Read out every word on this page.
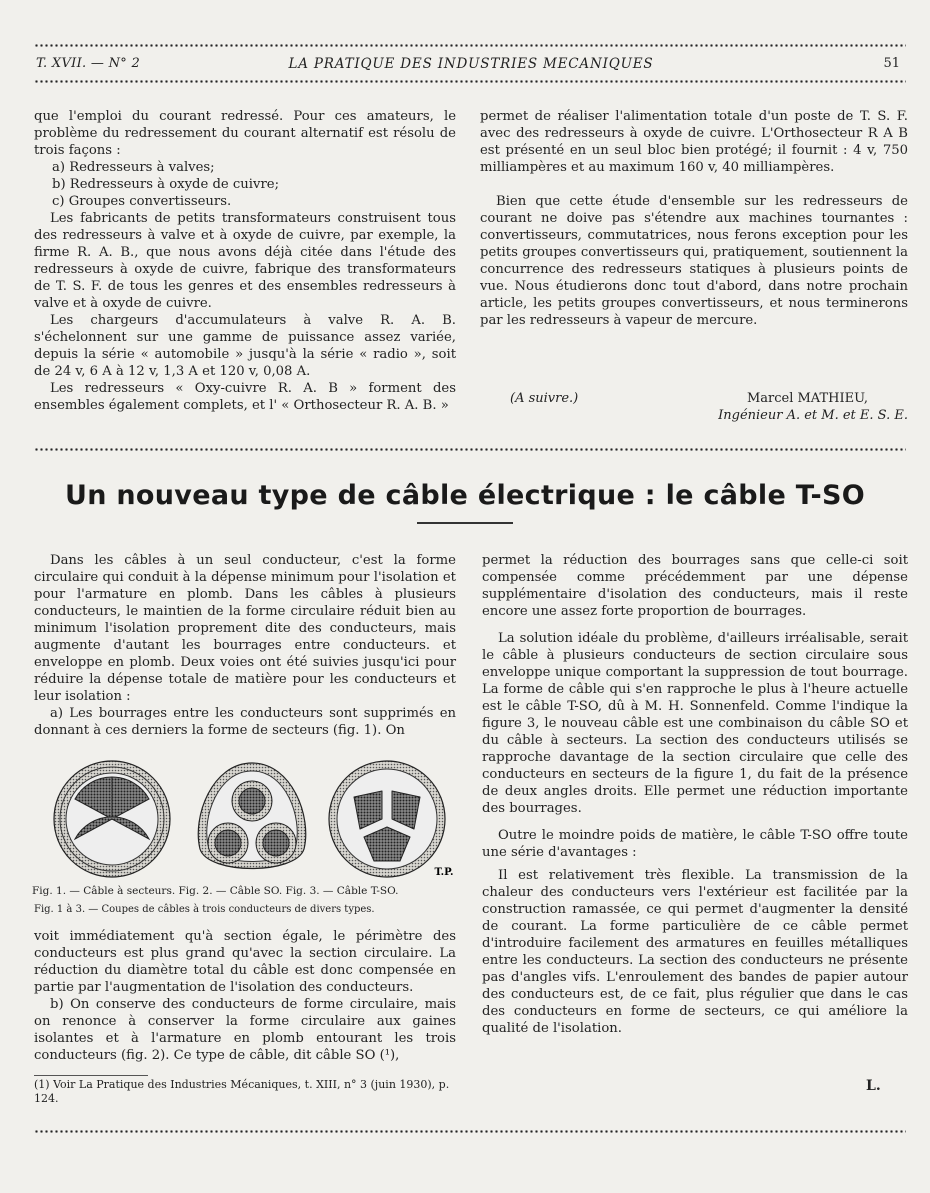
T. XVII. — N° 2	LA PRATIQUE DES INDUSTRIES MECANIQUES	51

que l'emploi du courant redressé. Pour ces amateurs, le problème du redressement du courant alternatif est résolu de trois façons :

a) Redresseurs à valves;

b) Redresseurs à oxyde de cuivre;

c) Groupes convertisseurs.

Les fabricants de petits transformateurs construisent tous des redresseurs à valve et à oxyde de cuivre, par exemple, la firme R. A. B., que nous avons déjà citée dans l'étude des redresseurs à oxyde de cuivre, fabrique des transformateurs de T. S. F. de tous les genres et des ensembles redresseurs à valve et à oxyde de cuivre.

Les chargeurs d'accumulateurs à valve R. A. B. s'échelonnent sur une gamme de puissance assez variée, depuis la série « automobile » jusqu'à la série « radio », soit de 24 v, 6 A à 12 v, 1,3 A et 120 v, 0,08 A.

Les redresseurs « Oxy-cuivre R. A. B » forment des ensembles également complets, et l' « Orthosecteur R. A. B. »

permet de réaliser l'alimentation totale d'un poste de T. S. F. avec des redresseurs à oxyde de cuivre. L'Orthosecteur R A B est présenté en un seul bloc bien protégé; il fournit : 4 v, 750 milliampères et au maximum 160 v, 40 milliampères.

Bien que cette étude d'ensemble sur les redresseurs de courant ne doive pas s'étendre aux machines tournantes : convertisseurs, commutatrices, nous ferons exception pour les petits groupes convertisseurs qui, pratiquement, soutiennent la concurrence des redresseurs statiques à plusieurs points de vue. Nous étudierons donc tout d'abord, dans notre prochain article, les petits groupes convertisseurs, et nous terminerons par les redresseurs à vapeur de mercure.

(A suivre.)	Marcel MATHIEU,
Ingénieur A. et M. et E. S. E.
Un nouveau type de câble électrique : le câble T-SO

Dans les câbles à un seul conducteur, c'est la forme circulaire qui conduit à la dépense minimum pour l'isolation et pour l'armature en plomb. Dans les câbles à plusieurs conducteurs, le maintien de la forme circulaire réduit bien au minimum l'isolation proprement dite des conducteurs, mais augmente d'autant les bourrages entre conducteurs. et enveloppe en plomb. Deux voies ont été suivies jusqu'ici pour réduire la dépense totale de matière pour les conducteurs et leur isolation :

a) Les bourrages entre les conducteurs sont supprimés en donnant à ces derniers la forme de secteurs (fig. 1). On

T.P.
Fig. 1. — Câble à secteurs. Fig. 2. — Câble SO. Fig. 3. — Câble T-SO.
Fig. 1 à 3. — Coupes de câbles à trois conducteurs de divers types.

voit immédiatement qu'à section égale, le périmètre des conducteurs est plus grand qu'avec la section circulaire. La réduction du diamètre total du câble est donc compensée en partie par l'augmentation de l'isolation des conducteurs.

b) On conserve des conducteurs de forme circulaire, mais on renonce à conserver la forme circulaire aux gaines isolantes et à l'armature en plomb entourant les trois conducteurs (fig. 2). Ce type de câble, dit câble SO (¹),

permet la réduction des bourrages sans que celle-ci soit compensée comme précédemment par une dépense supplémentaire d'isolation des conducteurs, mais il reste encore une assez forte proportion de bourrages.

La solution idéale du problème, d'ailleurs irréalisable, serait le câble à plusieurs conducteurs de section circulaire sous enveloppe unique comportant la suppression de tout bourrage. La forme de câble qui s'en rapproche le plus à l'heure actuelle est le câble T-SO, dû à M. H. Sonnenfeld. Comme l'indique la figure 3, le nouveau câble est une combinaison du câble SO et du câble à secteurs. La section des conducteurs utilisés se rapproche davantage de la section circulaire que celle des conducteurs en secteurs de la figure 1, du fait de la présence de deux angles droits. Elle permet une réduction importante des bourrages.

Outre le moindre poids de matière, le câble T-SO offre toute une série d'avantages :

Il est relativement très flexible. La transmission de la chaleur des conducteurs vers l'extérieur est facilitée par la construction ramassée, ce qui permet d'augmenter la densité de courant. La forme particulière de ce câble permet d'introduire facilement des armatures en feuilles métalliques entre les conducteurs. La section des conducteurs ne présente pas d'angles vifs. L'enroulement des bandes de papier autour des conducteurs est, de ce fait, plus régulier que dans le cas des conducteurs en forme de secteurs, ce qui améliore la qualité de l'isolation.

(1) Voir La Pratique des Industries Mécaniques, t. XIII, n° 3 (juin 1930), p. 124.
L.
